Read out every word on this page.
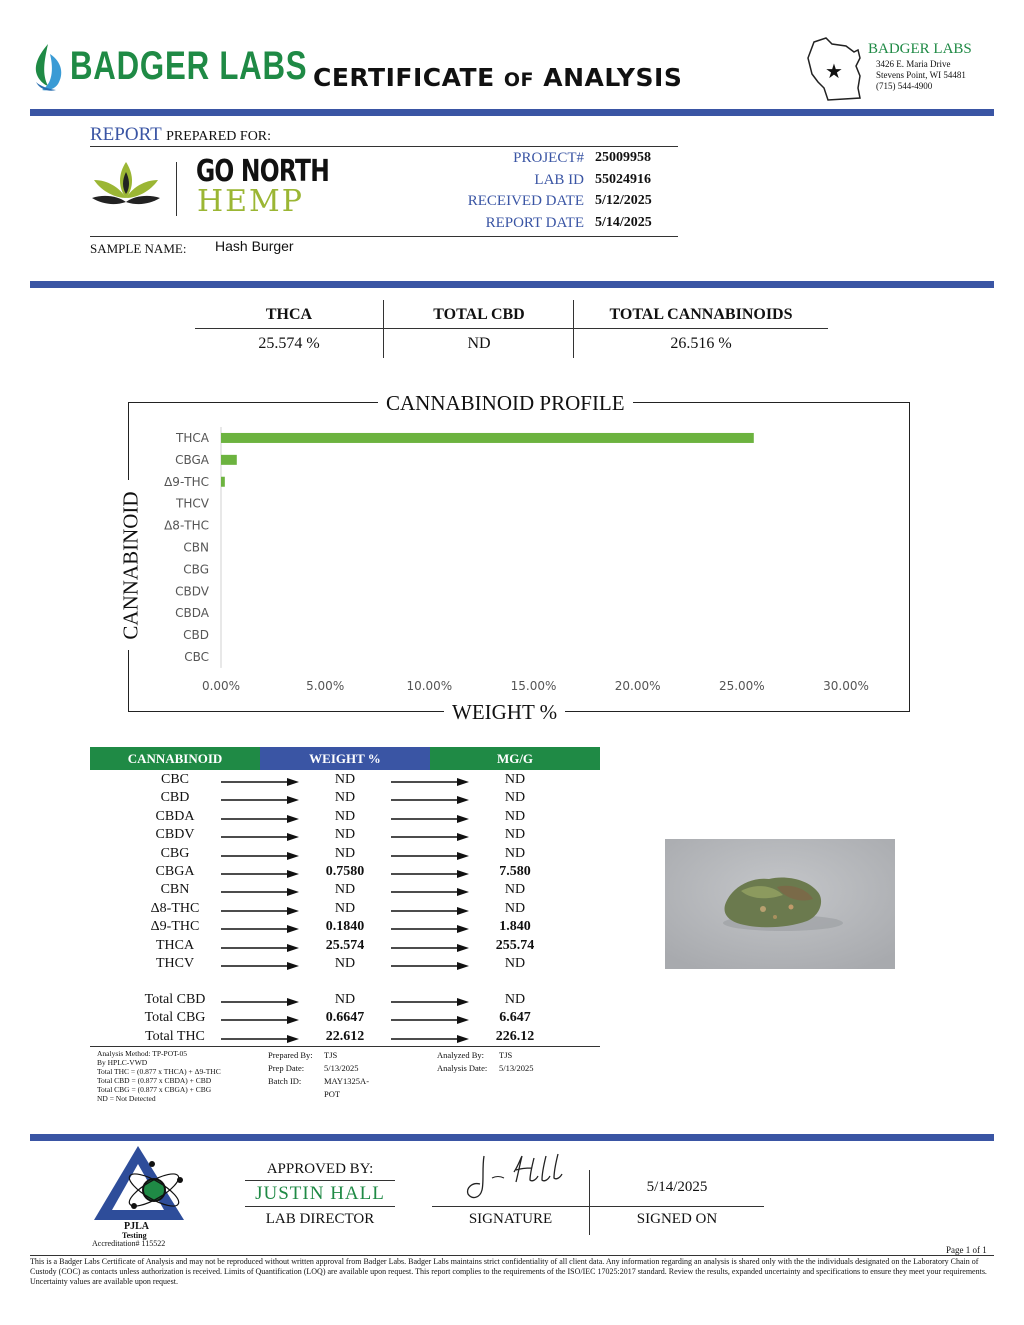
BADGER LABS CERTIFICATE OF ANALYSIS	★
BADGER LABS
3426 E. Maria Drive
Stevens Point, WI 54481
(715) 544-4900
REPORT PREPARED FOR:
GO NORTH
HEMP
PROJECT# 25009958
LAB ID 55024916
RECEIVED DATE 5/12/2025
REPORT DATE 5/14/2025
SAMPLE NAME: Hash Burger
THCA	TOTAL CBD	TOTAL CANNABINOIDS
25.574 %	ND	26.516 %
CANNABINOID PROFILE
WEIGHT %
CANNABINOID
THCA
CBGA
Δ9-THC
THCV
Δ8-THC
CBN
CBG
CBDV
CBDA
CBD
CBC
0.00%	5.00%	10.00%	15.00%	20.00%	25.00%	30.00%
CANNABINOID	WEIGHT %	MG/G
CBC	ND	ND
CBD	ND	ND
CBDA	ND	ND
CBDV	ND	ND
CBG	ND	ND
CBGA	0.7580	7.580
CBN	ND	ND
Δ8-THC	ND	ND
Δ9-THC	0.1840	1.840
THCA	25.574	255.74
THCV	ND	ND
Total CBD	ND	ND
Total CBG	0.6647	6.647
Total THC	22.612	226.12
Analysis Method: TP-POT-05
By HPLC-VWD
Total THC = (0.877 x THCA) + Δ9-THC
Total CBD = (0.877 x CBDA) + CBD
Total CBG = (0.877 x CBGA) + CBG
ND = Not Detected
Prepared By: TJS
Prep Date: 5/13/2025
Batch ID:	MAY1325A-POT
Analyzed By: TJS
Analysis Date: 5/13/2025
PJLA
Testing
Accreditation# 115522
APPROVED BY:
JUSTIN HALL
LAB DIRECTOR	SIGNATURE
5/14/2025
SIGNED ON
Page 1 of 1
This is a Badger Labs Certificate of Analysis and may not be reproduced without written approval from Badger Labs. Badger Labs maintains strict confidentiality of all client data. Any information regarding an analysis is shared only with the the individuals designated on the Laboratory Chain of Custody (COC) as contacts unless authorization is received. Limits of Quantification (LOQ) are available upon request. This report complies to the requirements of the ISO/IEC 17025:2017 standard. Review the results, expanded uncertainty and specifications to ensure they meet your requirements. Uncertainty values are available upon request.
